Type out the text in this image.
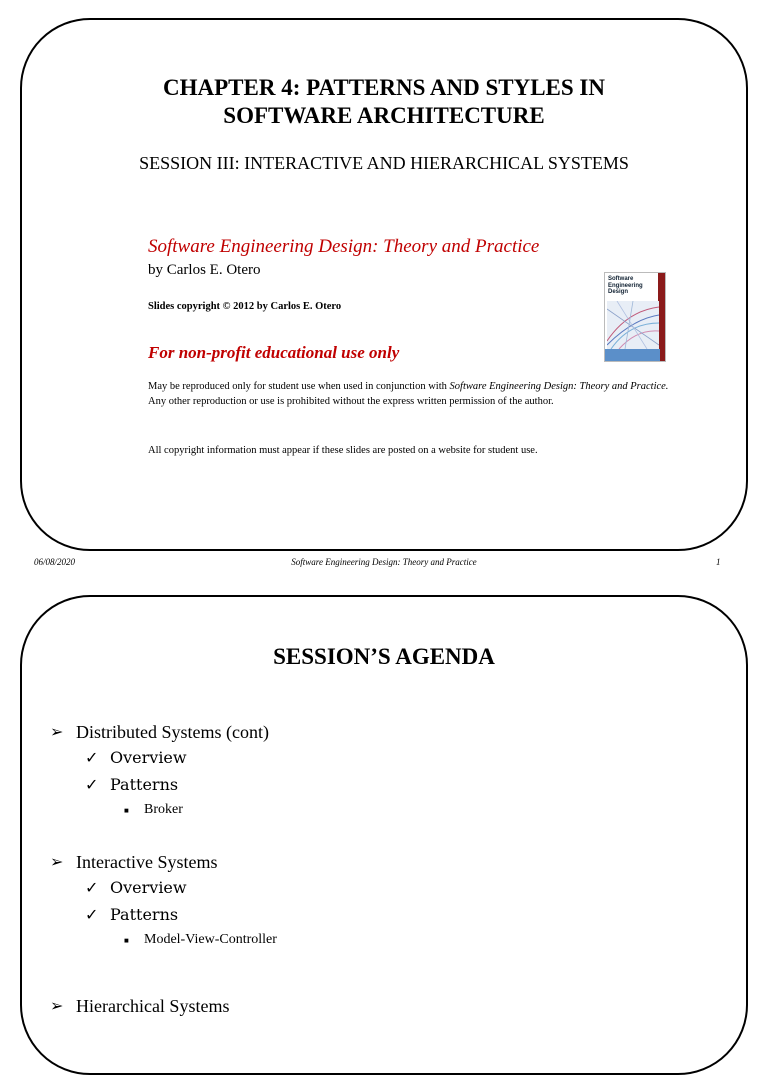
CHAPTER 4: PATTERNS AND STYLES IN
SOFTWARE ARCHITECTURE
SESSION III: INTERACTIVE AND HIERARCHICAL SYSTEMS
Software Engineering Design: Theory and Practice
by Carlos E. Otero
Slides copyright © 2012 by Carlos E. Otero
For non-profit educational use only
May be reproduced only for student use when used in conjunction with Software Engineering Design: Theory and Practice. Any other reproduction or use is prohibited without the express written permission of the author.
All copyright information must appear if these slides are posted on a website for student use.
Software
Engineering
Design
06/08/2020	Software Engineering Design: Theory and Practice	1
SESSION’S AGENDA
➢ Distributed Systems (cont)
✓ Overview
✓ Patterns
■ Broker
➢ Interactive Systems
✓ Overview
✓ Patterns
■ Model-View-Controller
➢ Hierarchical Systems
